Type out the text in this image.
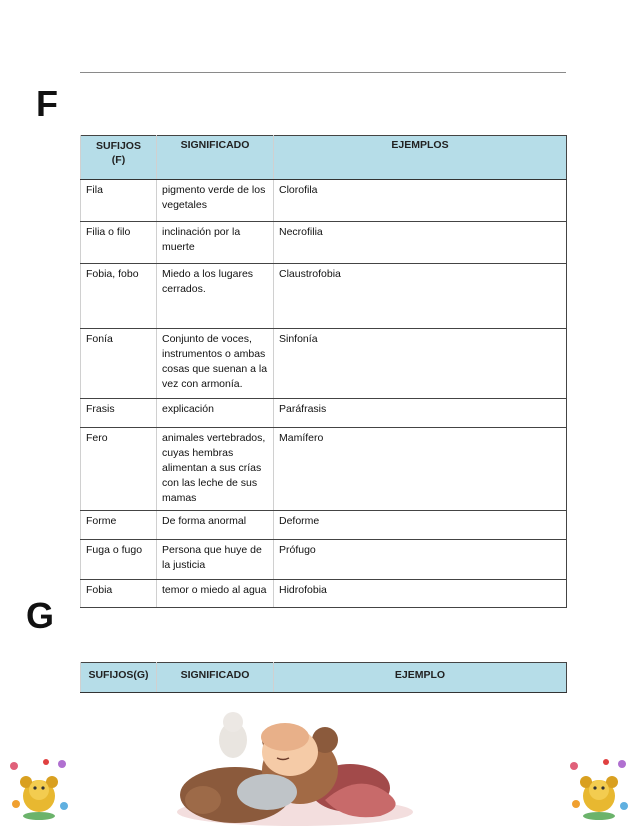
F
SUFIJOS (F)	SIGNIFICADO	EJEMPLOS
Fila	pigmento verde de los vegetales	Clorofila
Filia o filo	inclinación por la muerte	Necrofilia
Fobia, fobo	Miedo a los lugares cerrados.	Claustrofobia
Fonía	Conjunto de voces, instrumentos o ambas cosas que suenan a la vez con armonía.	Sinfonía
Frasis	explicación	Paráfrasis
Fero	animales vertebrados, cuyas hembras alimentan a sus crías con las leche de sus mamas	Mamífero
Forme	De forma anormal	Deforme
Fuga o fugo	Persona que huye de la justicia	Prófugo
Fobia	temor o miedo al agua	Hidrofobia
G
SUFIJOS(G)	SIGNIFICADO	EJEMPLO
